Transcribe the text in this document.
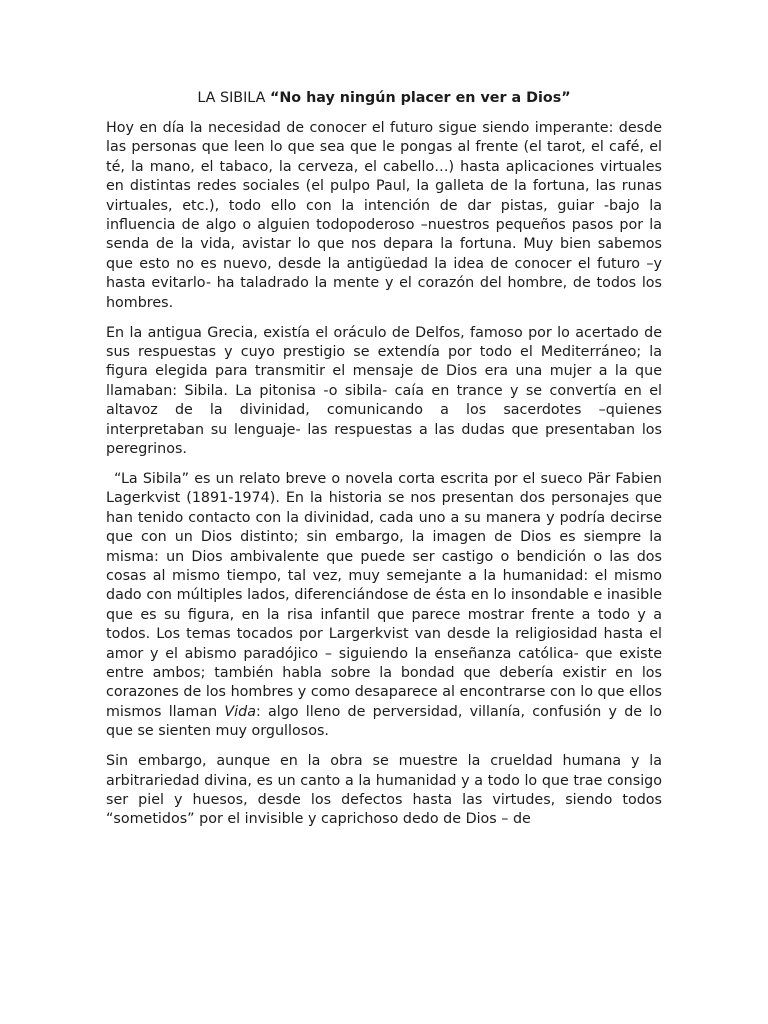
LA SIBILA “No hay ningún placer en ver a Dios”

Hoy en día la necesidad de conocer el futuro sigue siendo imperante: desde las personas que leen lo que sea que le pongas al frente (el tarot, el café, el té, la mano, el tabaco, la cerveza, el cabello…) hasta aplicaciones virtuales en distintas redes sociales (el pulpo Paul, la galleta de la fortuna, las runas virtuales, etc.), todo ello con la intención de dar pistas, guiar -bajo la influencia de algo o alguien todopoderoso –nuestros pequeños pasos por la senda de la vida, avistar lo que nos depara la fortuna. Muy bien sabemos que esto no es nuevo, desde la antigüedad la idea de conocer el futuro –y hasta evitarlo- ha taladrado la mente y el corazón del hombre, de todos los hombres.

En la antigua Grecia, existía el oráculo de Delfos, famoso por lo acertado de sus respuestas y cuyo prestigio se extendía por todo el Mediterráneo; la figura elegida para transmitir el mensaje de Dios era una mujer a la que llamaban: Sibila. La pitonisa -o sibila- caía en trance y se convertía en el altavoz de la divinidad, comunicando a los sacerdotes –quienes interpretaban su lenguaje- las respuestas a las dudas que presentaban los peregrinos.

“La Sibila” es un relato breve o novela corta escrita por el sueco Pär Fabien Lagerkvist (1891-1974). En la historia se nos presentan dos personajes que han tenido contacto con la divinidad, cada uno a su manera y podría decirse que con un Dios distinto; sin embargo, la imagen de Dios es siempre la misma: un Dios ambivalente que puede ser castigo o bendición o las dos cosas al mismo tiempo, tal vez, muy semejante a la humanidad: el mismo dado con múltiples lados, diferenciándose de ésta en lo insondable e inasible que es su figura, en la risa infantil que parece mostrar frente a todo y a todos. Los temas tocados por Largerkvist van desde la religiosidad hasta el amor y el abismo paradójico – siguiendo la enseñanza católica- que existe entre ambos; también habla sobre la bondad que debería existir en los corazones de los hombres y como desaparece al encontrarse con lo que ellos mismos llaman Vida: algo lleno de perversidad, villanía, confusión y de lo que se sienten muy orgullosos.

Sin embargo, aunque en la obra se muestre la crueldad humana y la arbitrariedad divina, es un canto a la humanidad y a todo lo que trae consigo ser piel y huesos, desde los defectos hasta las virtudes, siendo todos “sometidos” por el invisible y caprichoso dedo de Dios – de
